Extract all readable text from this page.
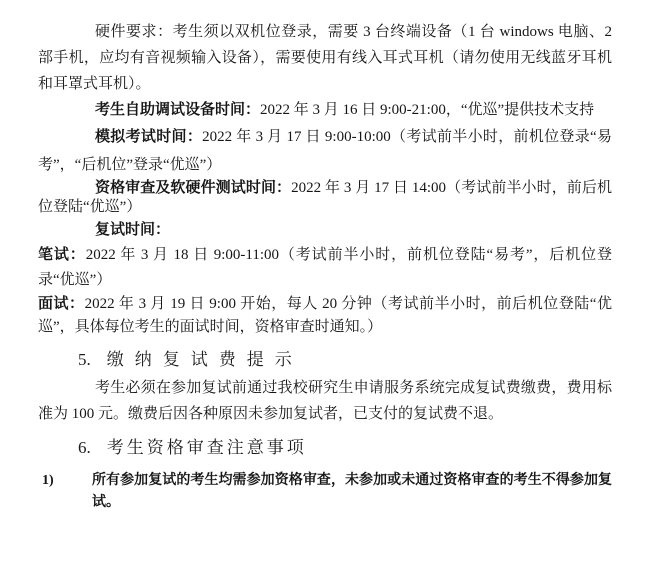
硬件要求：考生须以双机位登录，需要 3 台终端设备（1 台 windows 电脑、2 部手机，应均有音视频输入设备），需要使用有线入耳式耳机（请勿使用无线蓝牙耳机和耳罩式耳机）。

考生自助调试设备时间：2022 年 3 月 16 日 9:00-21:00，“优巡”提供技术支持

模拟考试时间：2022 年 3 月 17 日 9:00-10:00（考试前半小时，前机位登录“易考”，“后机位”登录“优巡”）

资格审查及软硬件测试时间：2022 年 3 月 17 日 14:00（考试前半小时，前后机位登陆“优巡”）

复试时间：

笔试：2022 年 3 月 18 日 9:00-11:00（考试前半小时，前机位登陆“易考”，后机位登录“优巡”）

面试：2022 年 3 月 19 日 9:00 开始，每人 20 分钟（考试前半小时，前后机位登陆“优巡”，具体每位考生的面试时间，资格审查时通知。）

5. 缴纳复试费提示

考生必须在参加复试前通过我校研究生申请服务系统完成复试费缴费，费用标准为 100 元。缴费后因各种原因未参加复试者，已支付的复试费不退。

6. 考生资格审查注意事项
1)	所有参加复试的考生均需参加资格审查，未参加或未通过资格审查的考生不得参加复试。
